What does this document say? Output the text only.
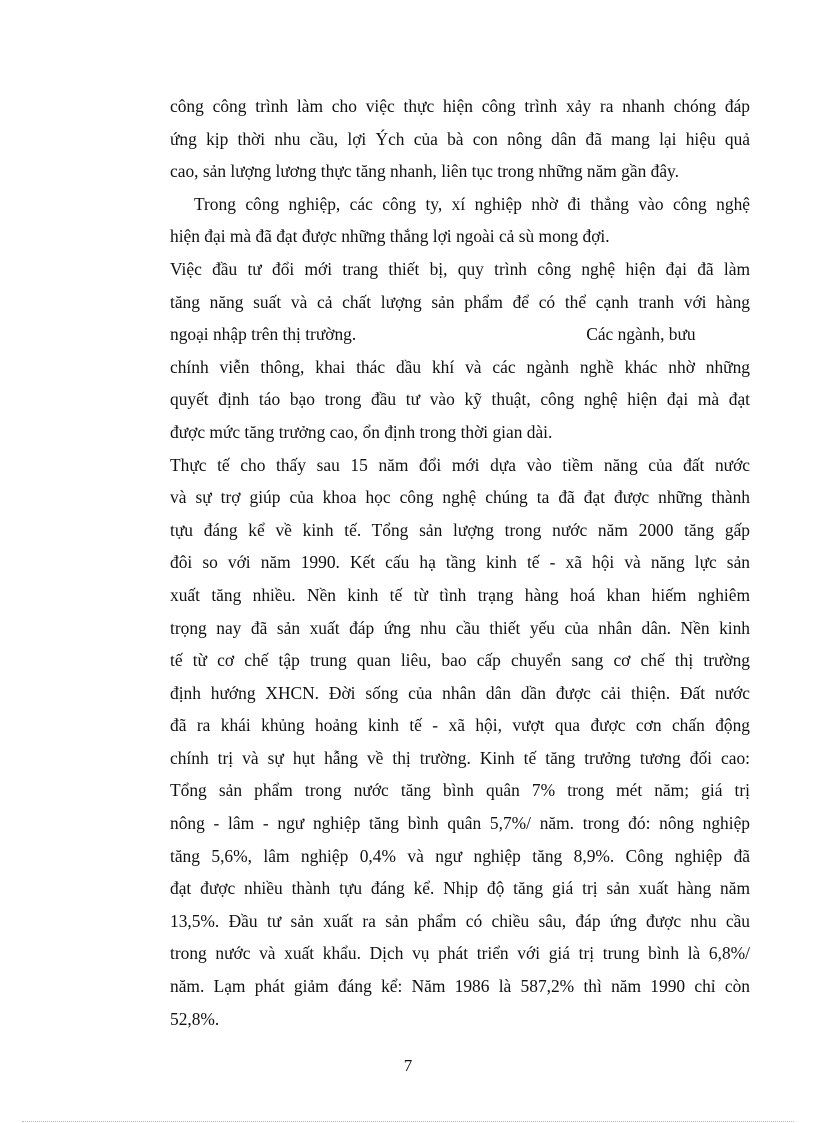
công công trình làm cho việc thực hiện công trình xảy ra nhanh chóng đáp
ứng kịp thời nhu cầu, lợi Ých của bà con nông dân đã mang lại hiệu quả
cao, sản lượng lương thực tăng nhanh, liên tục trong những năm gần đây.
Trong công nghiệp, các công ty, xí nghiệp nhờ đi thẳng vào công nghệ
hiện đại mà đã đạt được những thắng lợi ngoài cả sù mong đợi.
Việc đầu tư đổi mới trang thiết bị, quy trình công nghệ hiện đại đã làm
tăng năng suất và cả chất lượng sản phẩm để có thể cạnh tranh với hàng
ngoại nhập trên thị trường.	Các ngành, bưu
chính viễn thông, khai thác dầu khí và các ngành nghề khác nhờ những
quyết định táo bạo trong đầu tư vào kỹ thuật, công nghệ hiện đại mà đạt
được mức tăng trưởng cao, ổn định trong thời gian dài.
Thực tế cho thấy sau 15 năm đổi mới dựa vào tiềm năng của đất nước
và sự trợ giúp của khoa học công nghệ chúng ta đã đạt được những thành
tựu đáng kể về kinh tế. Tổng sản lượng trong nước năm 2000 tăng gấp
đôi so với năm 1990. Kết cấu hạ tầng kinh tế - xã hội và năng lực sản
xuất tăng nhiều. Nền kinh tế từ tình trạng hàng hoá khan hiếm nghiêm
trọng nay đã sản xuất đáp ứng nhu cầu thiết yếu của nhân dân. Nền kinh
tế từ cơ chế tập trung quan liêu, bao cấp chuyển sang cơ chế thị trường
định hướng XHCN. Đời sống của nhân dân dần được cải thiện. Đất nước
đã ra khái khủng hoảng kinh tế - xã hội, vượt qua được cơn chấn động
chính trị và sự hụt hẫng về thị trường. Kinh tế tăng trưởng tương đối cao:
Tổng sản phẩm trong nước tăng bình quân 7% trong mét năm; giá trị
nông - lâm - ngư nghiệp tăng bình quân 5,7%/ năm. trong đó: nông nghiệp
tăng 5,6%, lâm nghiệp 0,4% và ngư nghiệp tăng 8,9%. Công nghiệp đã
đạt được nhiều thành tựu đáng kể. Nhịp độ tăng giá trị sản xuất hàng năm
13,5%. Đầu tư sản xuất ra sản phẩm có chiều sâu, đáp ứng được nhu cầu
trong nước và xuất khẩu. Dịch vụ phát triển với giá trị trung bình là 6,8%/
năm. Lạm phát giảm đáng kể: Năm 1986 là 587,2% thì năm 1990 chỉ còn
52,8%.
7
